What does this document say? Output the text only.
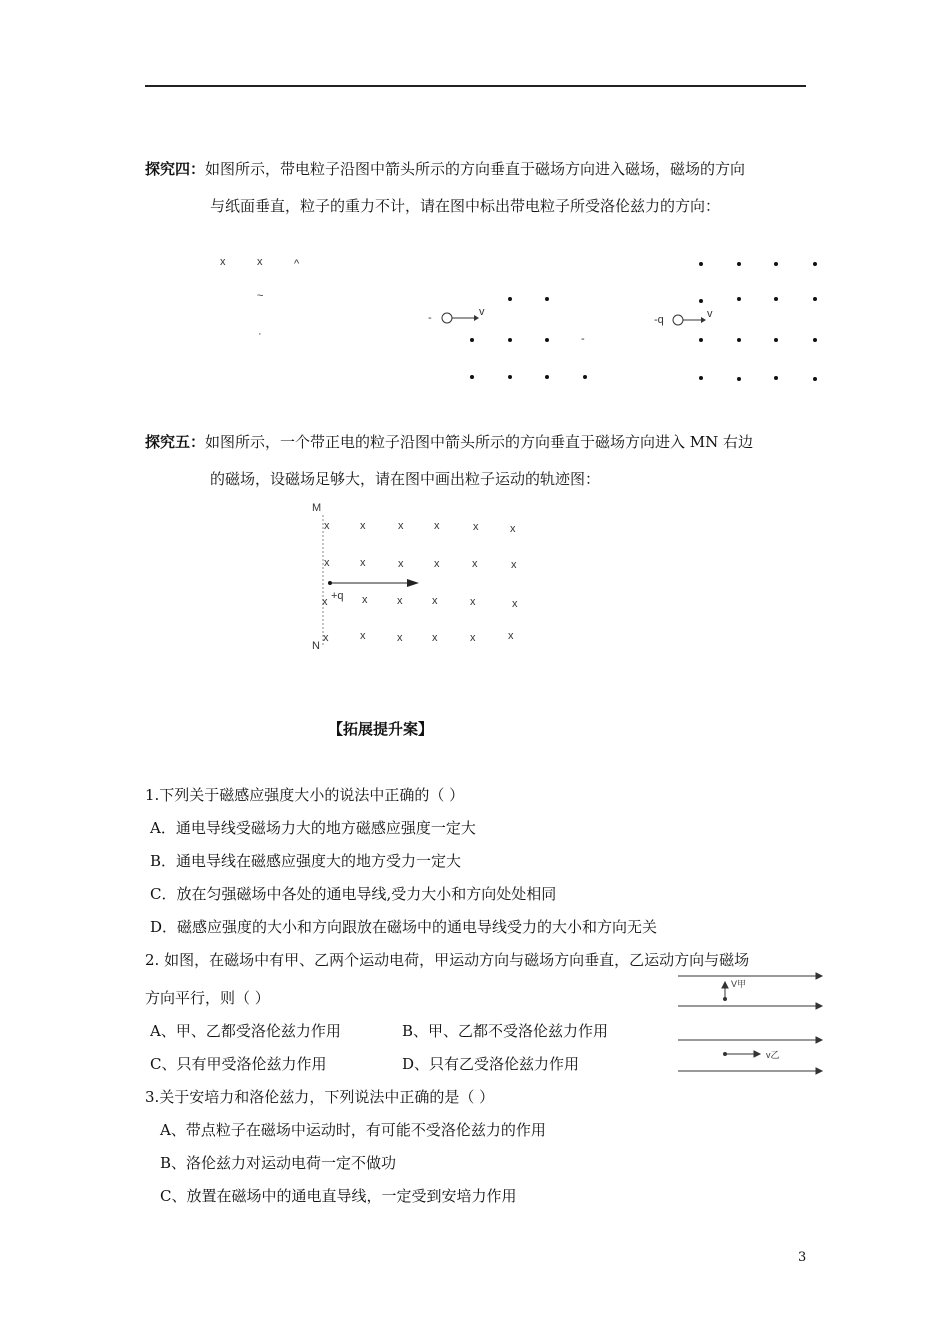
探究四：如图所示，带电粒子沿图中箭头所示的方向垂直于磁场方向进入磁场，磁场的方向
与纸面垂直，粒子的重力不计，请在图中标出带电粒子所受洛伦兹力的方向：
x	x	^
~
·
-	v
-
-q	v
探究五：如图所示，一个带正电的粒子沿图中箭头所示的方向垂直于磁场方向进入 MN 右边
的磁场，设磁场足够大，请在图中画出粒子运动的轨迹图：
M
N
x	x	x	x	x	x
x	x	x	x	x	x
x +q x	x	x	x	x
x	x	x	x	x	x
【拓展提升案】
1.下列关于磁感应强度大小的说法中正确的（ ）
A．通电导线受磁场力大的地方磁感应强度一定大
B．通电导线在磁感应强度大的地方受力一定大
C．放在匀强磁场中各处的通电导线,受力大小和方向处处相同
D．磁感应强度的大小和方向跟放在磁场中的通电导线受力的大小和方向无关
2. 如图，在磁场中有甲、乙两个运动电荷，甲运动方向与磁场方向垂直，乙运动方向与磁场
方向平行，则（ ）
A、甲、乙都受洛伦兹力作用	B、甲、乙都不受洛伦兹力作用
C、只有甲受洛伦兹力作用	D、只有乙受洛伦兹力作用
V甲
v乙
3.关于安培力和洛伦兹力，下列说法中正确的是（ ）
A、带点粒子在磁场中运动时，有可能不受洛伦兹力的作用
B、洛伦兹力对运动电荷一定不做功
C、放置在磁场中的通电直导线，一定受到安培力作用
3
